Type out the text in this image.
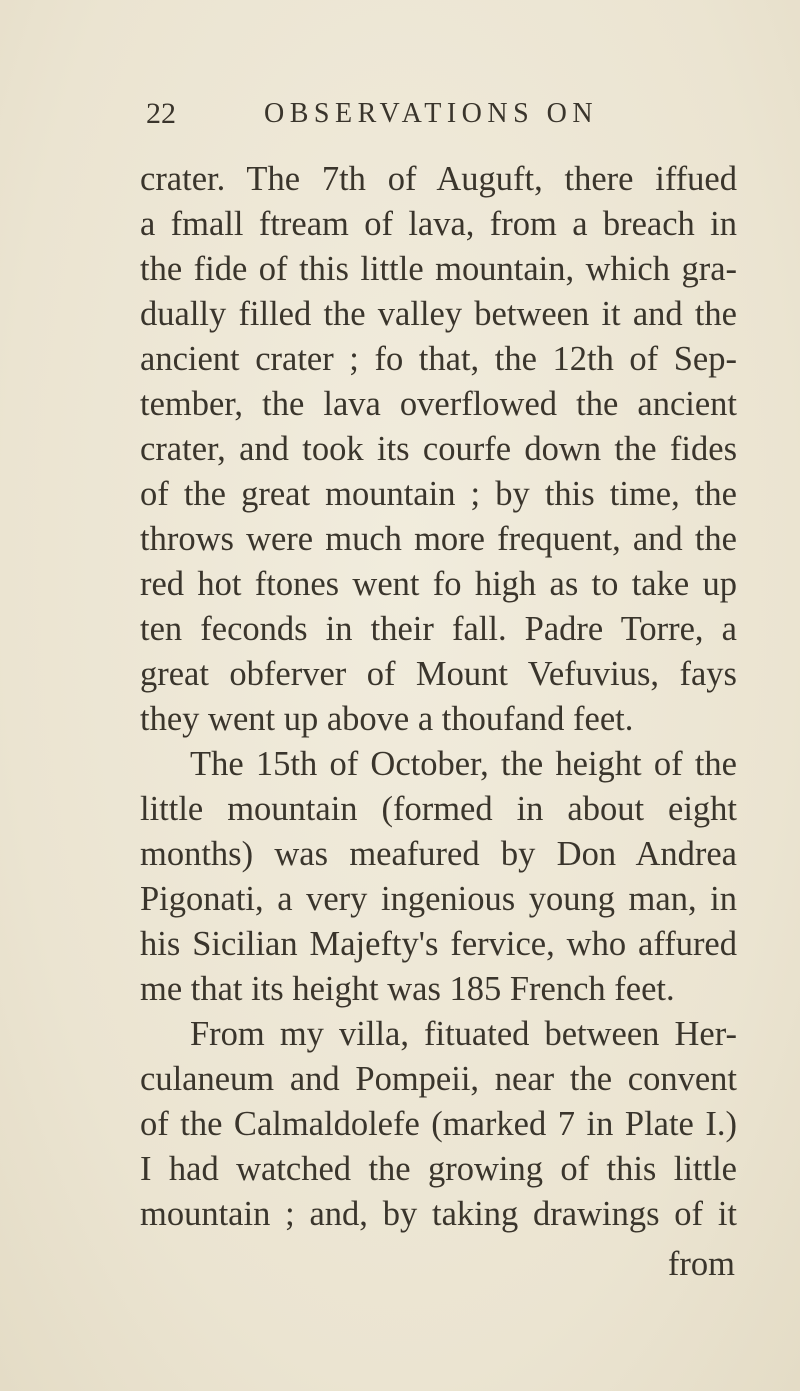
22	OBSERVATIONS ON
crater. The 7th of Auguft, there iffued
a fmall ftream of lava, from a breach in
the fide of this little mountain, which gra-
dually filled the valley between it and the
ancient crater ; fo that, the 12th of Sep-
tember, the lava overflowed the ancient
crater, and took its courfe down the fides
of the great mountain ; by this time, the
throws were much more frequent, and the
red hot ftones went fo high as to take up
ten feconds in their fall. Padre Torre, a
great obferver of Mount Vefuvius, fays
they went up above a thoufand feet.
The 15th of October, the height of the
little mountain (formed in about eight
months) was meafured by Don Andrea
Pigonati, a very ingenious young man, in
his Sicilian Majefty's fervice, who affured
me that its height was 185 French feet.
From my villa, fituated between Her-
culaneum and Pompeii, near the convent
of the Calmaldolefe (marked 7 in Plate I.)
I had watched the growing of this little
mountain ; and, by taking drawings of it
from
